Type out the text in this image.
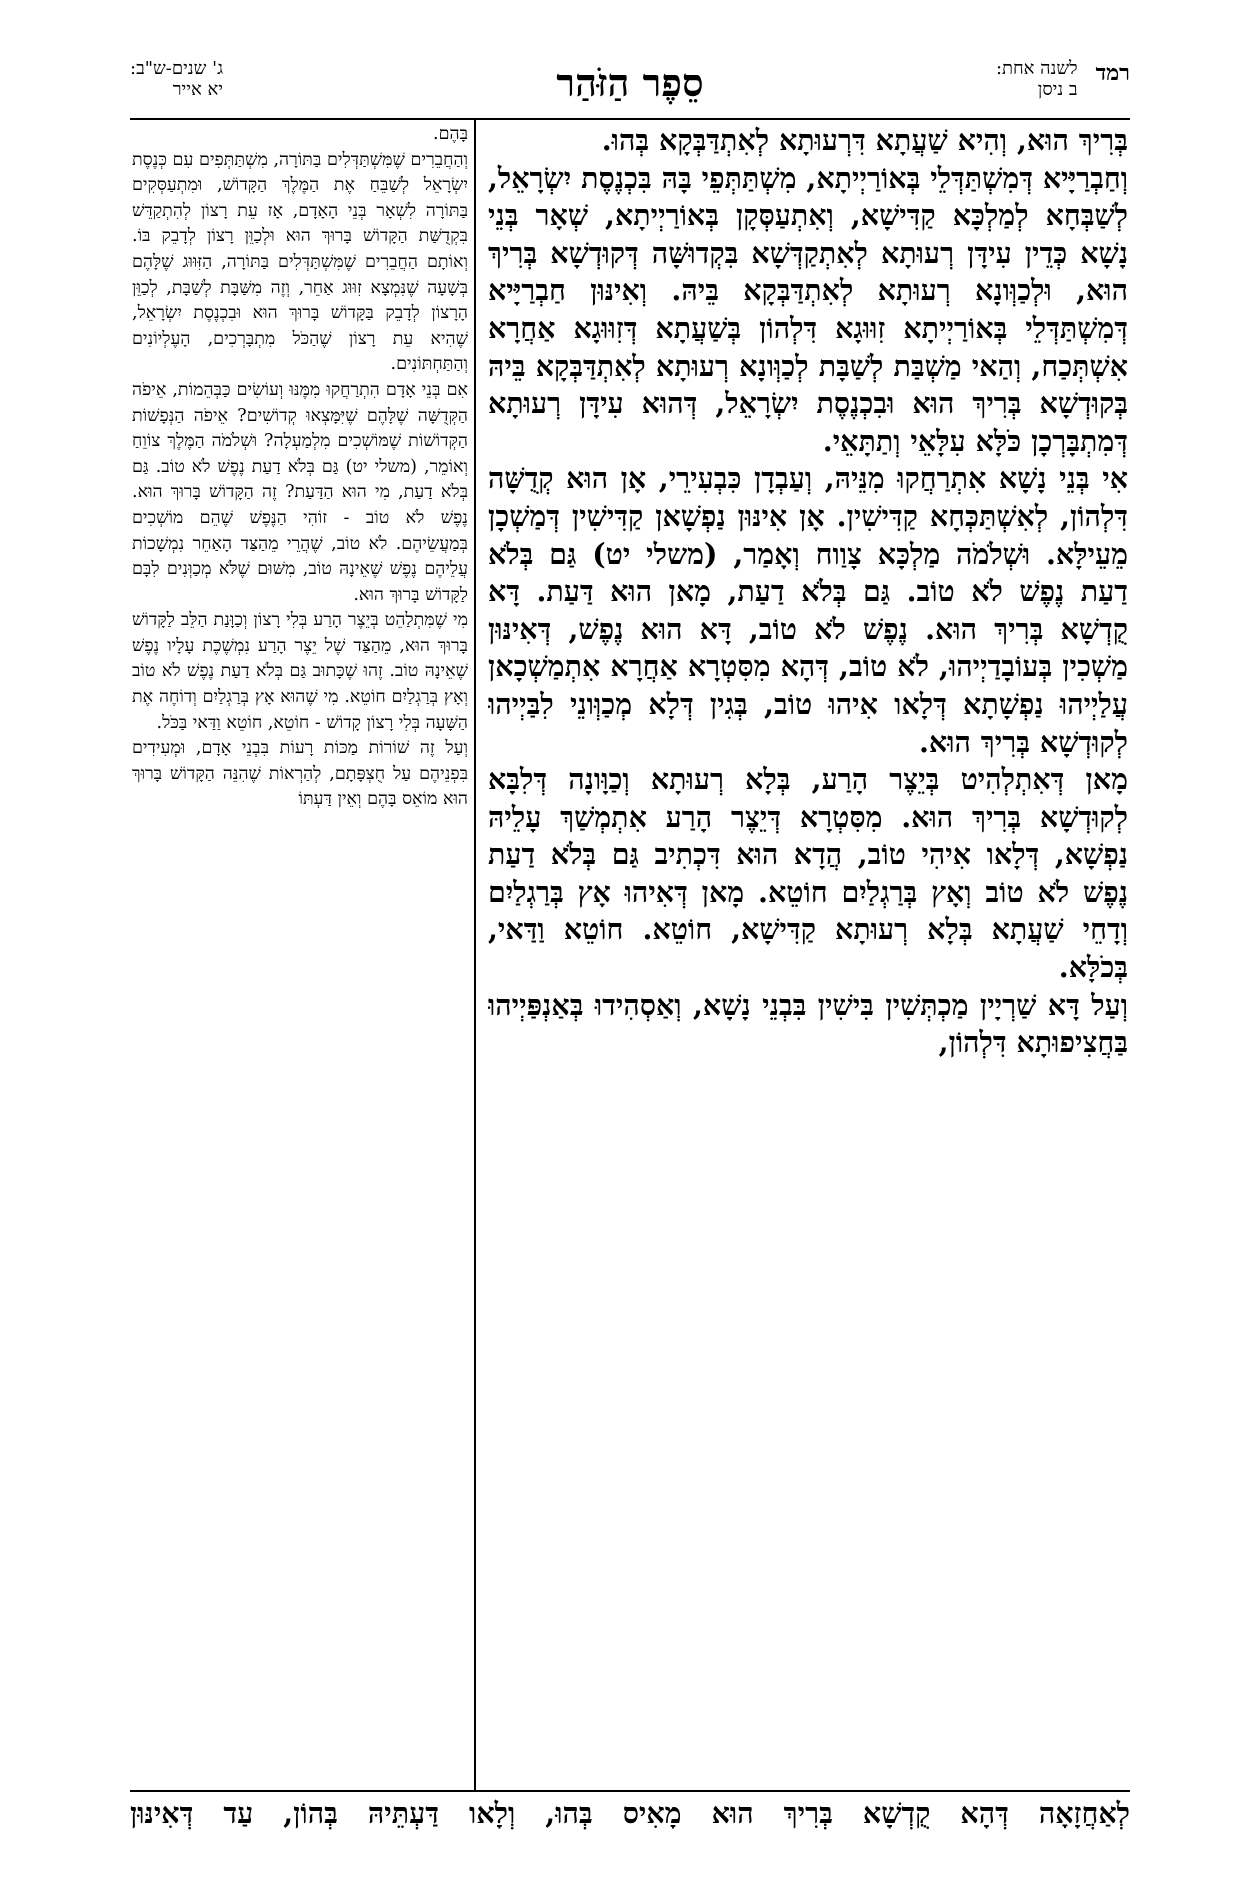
רמד
לשנה אחת:
ב ניסן
סֵפֶר הַזֹּהַר
ג' שנים-ש"ב:
יא אייר

בְּרִיךְ הוּא, וְהִיא שַׁעֲתָא דִּרְעוּתָא לְאִתְדַּבְּקָא בְּהוּ.

וְחַבְרַיָּיא דְּמִשְׁתַּדְּלֵי בְּאוֹרַיְיתָא, מִשְׁתַּתְּפֵי בָּהּ בִּכְנֶסֶת יִשְׂרָאֵל, לְשַׁבְּחָא לְמַלְכָּא קַדִּישָׁא, וְאִתְעַסְּקָן בְּאוֹרַיְיתָא, שְׁאָר בְּנֵי נָשָׁא כְּדֵין עִידָּן רְעוּתָא לְאִתְקַדְּשָׁא בִּקְדוּשָּׁה דְּקוּדְשָׁא בְּרִיךְ הוּא, וּלְכַוְּונָא רְעוּתָא לְאִתְדַּבְּקָא בֵּיהּ. וְאִינּוּן חַבְרַיָּיא דְּמִשְׁתַּדְּלֵי בְּאוֹרַיְיתָא זִוּוּגָא דִּלְהוֹן בְּשַׁעֲתָא דְּזִוּוּגָא אַחֲרָא אִשְׁתְּכַח, וְהַאי מַשְׁבַּת לְשַׁבָּת לְכַוְּונָא רְעוּתָא לְאִתְדַּבְּקָא בֵּיהּ בְּקוּדְשָׁא בְּרִיךְ הוּא וּבִכְנֶסֶת יִשְׂרָאֵל, דְּהוּא עִידָּן רְעוּתָא דְּמִתְבָּרְכָן כֹּלָּא עִלָּאֵי וְתַתָּאֵי.

אִי בְּנֵי נָשָׁא אִתְרַחֲקוּ מִנֵּיהּ, וְעַבְדָן כִּבְעִירֵי, אָן הוּא קְדֻשָּׁה דִּלְהוֹן, לְאִשְׁתַּכְּחָא קַדִּישִׁין. אָן אִינּוּן נַפְשָׁאן קַדִּישִׁין דְּמַשְׁכָן מֵעֵילָּא. וּשְׁלֹמֹה מַלְכָּא צָוַוח וְאָמַר, (משלי יט) גַּם בְּלֹא דַעַת נֶפֶשׁ לֹא טוֹב. גַּם בְּלֹא דַעַת, מָאן הוּא דַּעַת. דָּא קֻדְשָׁא בְּרִיךְ הוּא. נֶפֶשׁ לֹא טוֹב, דָּא הוּא נֶפֶשׁ, דְּאִינּוּן מַשְׁכִין בְּעוֹבָדַיְיהוּ, לֹא טוֹב, דְּהָא מִסִּטְרָא אַחֲרָא אִתְמַשְׁכָאן עֲלַיְיהוּ נַפְשָׁתָא דְּלָאו אִיהוּ טוֹב, בְּגִין דְּלָא מְכַוְּונֵי לִבַּיְיהוּ לְקוּדְשָׁא בְּרִיךְ הוּא.

מָאן דְּאִתְלְהִיט בְּיֵצֶר הָרַע, בְּלָא רְעוּתָא וְכַוָּונָה דְּלִבָּא לְקוּדְשָׁא בְּרִיךְ הוּא. מִסִּטְרָא דְּיֵצֶר הָרַע אִתְמְשַׁךְ עָלֵיהּ נַפְשָׁא, דְּלָאו אִיהִי טוֹב, הֲדָא הוּא דִּכְתִיב גַּם בְּלֹא דַעַת נֶפֶשׁ לֹא טוֹב וְאָץ בְּרַגְלַיִם חוֹטֵא. מָאן דְּאִיהוּ אָץ בְּרַגְלַיִם וְדָחֵי שַׁעֲתָא בְּלָא רְעוּתָא קַדִּישָׁא, חוֹטֵא. חוֹטֵא וַדַּאי, בְּכֹלָּא.

וְעַל דָּא שַׁרְיָין מַכְתְּשִׁין בִּישִׁין בִּבְנֵי נָשָׁא, וְאַסְהִידוּ בְּאַנְפַּיְיהוּ בַּחֲצִיפוּתָא דִּלְהוֹן,

בָּהֶם.

וְהַחֲבֵרִים שֶׁמִּשְׁתַּדְּלִים בַּתּוֹרָה, מִשְׁתַּתְּפִים עִם כְּנֶסֶת יִשְׂרָאֵל לְשַׁבֵּחַ אֶת הַמֶּלֶךְ הַקָּדוֹשׁ, וּמִתְעַסְּקִים בַּתּוֹרָה לִשְׁאָר בְּנֵי הָאָדָם, אָז עֵת רָצוֹן לְהִתְקַדֵּשׁ בִּקְדֻשַּׁת הַקָּדוֹשׁ בָּרוּךְ הוּא וּלְכַוֵּן רָצוֹן לְדָבֵק בּוֹ. וְאוֹתָם הַחֲבֵרִים שֶׁמִּשְׁתַּדְּלִים בַּתּוֹרָה, הַזִּוּוּג שֶׁלָּהֶם בְּשָׁעָה שֶׁנִּמְצָא זִוּוּג אַחֵר, וְזֶה מִשַּׁבָּת לְשַׁבָּת, לְכַוֵּן הָרָצוֹן לְדָבֵק בַּקָּדוֹשׁ בָּרוּךְ הוּא וּבִכְנֶסֶת יִשְׂרָאֵל, שֶׁהִיא עֵת רָצוֹן שֶׁהַכֹּל מִתְבָּרְכִים, הָעֶלְיוֹנִים וְהַתַּחְתּוֹנִים.

אִם בְּנֵי אָדָם הִתְרַחֲקוּ מִמֶּנּוּ וְעוֹשִׂים כַּבְּהֵמוֹת, אֵיפֹה הַקְּדֻשָּׁה שֶׁלָּהֶם שֶׁיִּמָּצְאוּ קְדוֹשִׁים? אֵיפֹה הַנְּפָשׁוֹת הַקְּדוֹשׁוֹת שֶׁמּוֹשְׁכִים מִלְמַעְלָה? וּשְׁלֹמֹה הַמֶּלֶךְ צוֹוֵחַ וְאוֹמֵר, (משלי יט) גַּם בְּלֹא דַעַת נֶפֶשׁ לֹא טוֹב. גַּם בְּלֹא דַעַת, מִי הוּא הַדַּעַת? זֶה הַקָּדוֹשׁ בָּרוּךְ הוּא. נֶפֶשׁ לֹא טוֹב - זוֹהִי הַנֶּפֶשׁ שֶׁהֵם מוֹשְׁכִים בְּמַעֲשֵׂיהֶם. לֹא טוֹב, שֶׁהֲרֵי מֵהַצַּד הָאַחֵר נִמְשָׁכוֹת עֲלֵיהֶם נֶפֶשׁ שֶׁאֵינָהּ טוֹב, מִשּׁוּם שֶׁלֹּא מְכַוְּנִים לִבָּם לַקָּדוֹשׁ בָּרוּךְ הוּא.

מִי שֶׁמִּתְלַהֵט בְּיֵצֶר הָרַע בְּלִי רָצוֹן וְכַוָּנַת הַלֵּב לַקָּדוֹשׁ בָּרוּךְ הוּא, מֵהַצַּד שֶׁל יֵצֶר הָרַע נִמְשֶׁכֶת עָלָיו נֶפֶשׁ שֶׁאֵינָהּ טוֹב. זֶהוּ שֶׁכָּתוּב גַּם בְּלֹא דַעַת נֶפֶשׁ לֹא טוֹב וְאָץ בְּרַגְלַיִם חוֹטֵא. מִי שֶׁהוּא אָץ בְּרַגְלַיִם וְדוֹחֶה אֶת הַשָּׁעָה בְּלִי רָצוֹן קָדוֹשׁ - חוֹטֵא, חוֹטֵא וַדַּאי בַּכֹּל.

וְעַל זֶה שׁוֹרוֹת מַכּוֹת רָעוֹת בִּבְנֵי אָדָם, וּמְעִידִים בִּפְנֵיהֶם עַל חֻצְפָּתָם, לְהַרְאוֹת שֶׁהִנֵּה הַקָּדוֹשׁ בָּרוּךְ הוּא מוֹאֵס בָּהֶם וְאֵין דַּעְתּוֹ

לְאַחֲזָאָה דְּהָא קֻדְשָׁא בְּרִיךְ הוּא מָאִיס בְּהוּ, וְלָאו דַּעְתֵּיהּ בְּהוֹן, עַד דְּאִינּוּן
